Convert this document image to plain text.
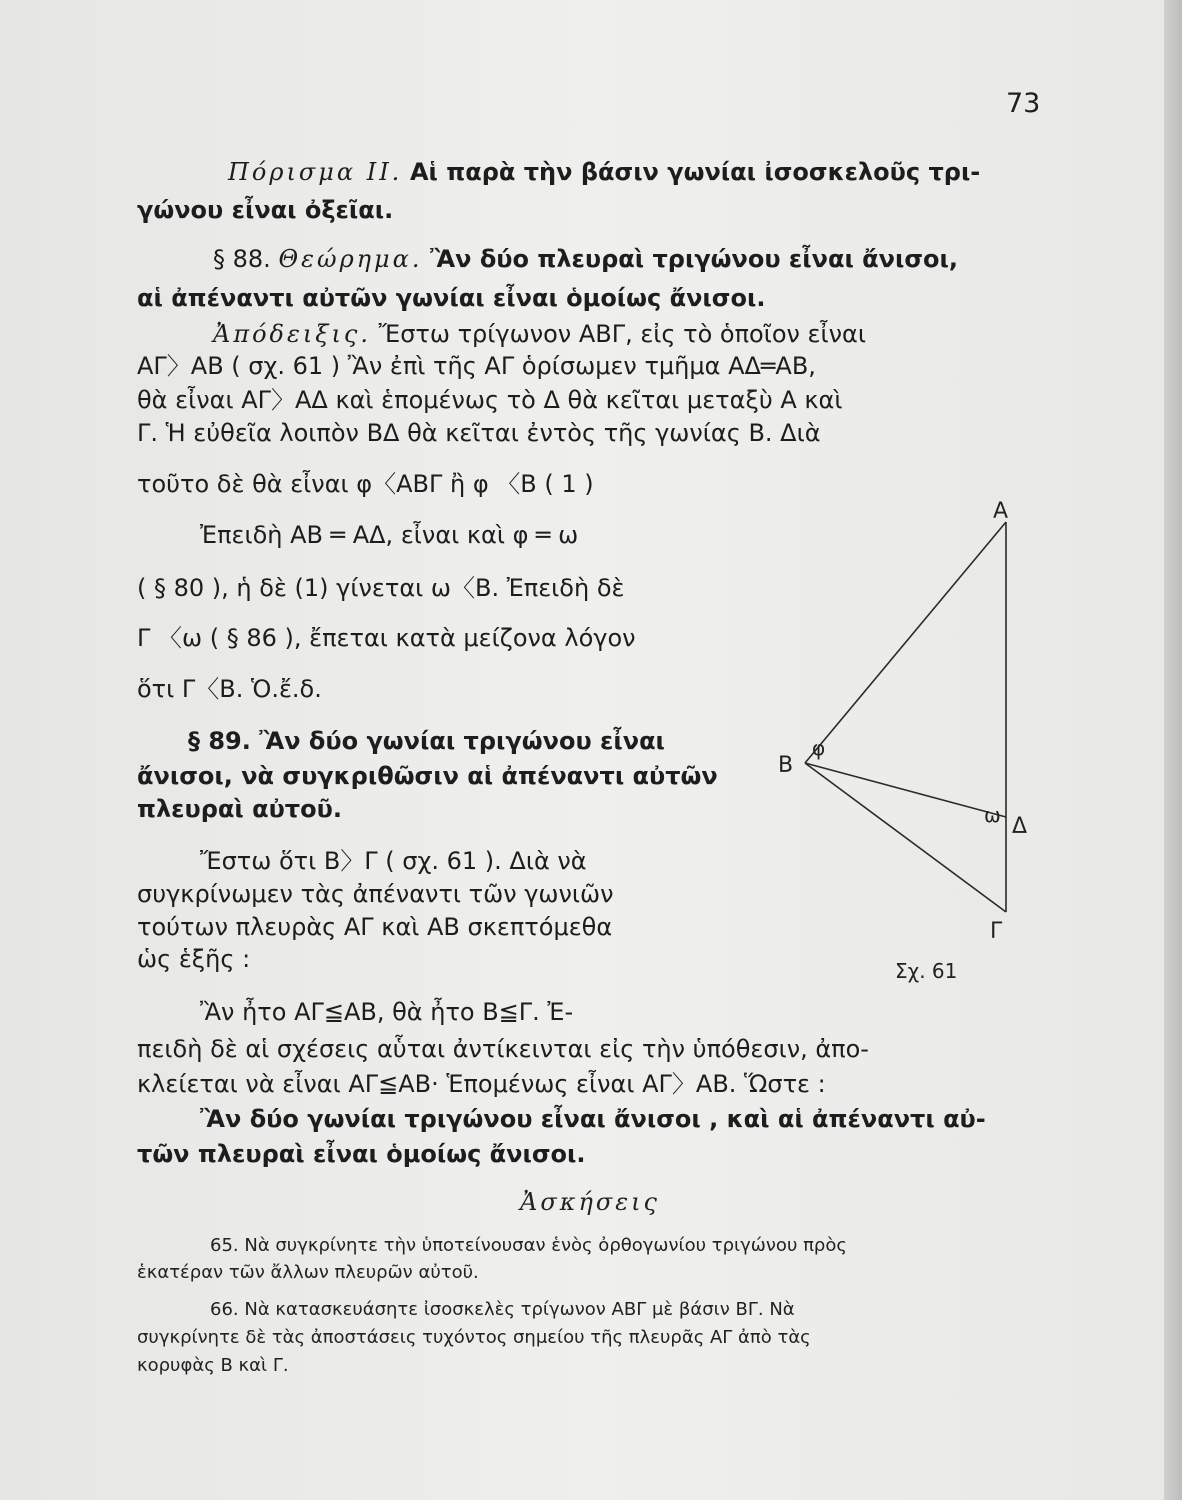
73
Πόρισμα ΙΙ. Αἱ παρὰ τὴν βάσιν γωνίαι ἰσοσκελοῦς τρι-
γώνου εἶναι ὀξεῖαι.
§ 88. Θεώρημα. Ἂν δύο πλευραὶ τριγώνου εἶναι ἄνισοι,
αἱ ἀπέναντι αὐτῶν γωνίαι εἶναι ὁμοίως ἄνισοι.
Ἀπόδειξις. Ἔστω τρίγωνον ΑΒΓ, εἰς τὸ ὁποῖον εἶναι
ΑΓ〉ΑΒ ( σχ. 61 ) Ἂν ἐπὶ τῆς ΑΓ ὁρίσωμεν τμῆμα ΑΔ═ΑΒ,
θὰ εἶναι ΑΓ〉ΑΔ καὶ ἑπομένως τὸ Δ θὰ κεῖται μεταξὺ Α καὶ
Γ. Ἡ εὐθεῖα λοιπὸν ΒΔ θὰ κεῖται ἐντὸς τῆς γωνίας Β. Διὰ
τοῦτο δὲ θὰ εἶναι φ〈ΑΒΓ ἢ φ 〈Β ( 1 )
Ἐπειδὴ ΑΒ ═ ΑΔ, εἶναι καὶ φ ═ ω
( § 80 ), ἡ δὲ (1) γίνεται ω〈Β. Ἐπειδὴ δὲ
Γ 〈ω ( § 86 ), ἔπεται κατὰ μείζονα λόγον
ὅτι Γ〈Β. Ὁ.ἔ.δ.
§ 89. Ἂν δύο γωνίαι τριγώνου εἶναι
ἄνισοι, νὰ συγκριθῶσιν αἱ ἀπέναντι αὐτῶν
πλευραὶ αὐτοῦ.
Ἔστω ὅτι Β〉Γ ( σχ. 61 ). Διὰ νὰ
συγκρίνωμεν τὰς ἀπέναντι τῶν γωνιῶν
τούτων πλευρὰς ΑΓ καὶ ΑΒ σκεπτόμεθα
ὡς ἑξῆς :
Ἂν ἦτο ΑΓ≦ΑΒ, θὰ ἦτο Β≦Γ. Ἐ-
πειδὴ δὲ αἱ σχέσεις αὗται ἀντίκεινται εἰς τὴν ὑπόθεσιν, ἀπο-
κλείεται νὰ εἶναι ΑΓ≦ΑΒ· Ἑπομένως εἶναι ΑΓ〉ΑΒ. Ὥστε :
Ἂν δύο γωνίαι τριγώνου εἶναι ἄνισοι , καὶ αἱ ἀπέναντι αὐ-
τῶν πλευραὶ εἶναι ὁμοίως ἄνισοι.
Ἀσκήσεις
65. Νὰ συγκρίνητε τὴν ὑποτείνουσαν ἑνὸς ὀρθογωνίου τριγώνου πρὸς
ἑκατέραν τῶν ἄλλων πλευρῶν αὐτοῦ.
66. Νὰ κατασκευάσητε ἰσοσκελὲς τρίγωνον ΑΒΓ μὲ βάσιν ΒΓ. Νὰ
συγκρίνητε δὲ τὰς ἀποστάσεις τυχόντος σημείου τῆς πλευρᾶς ΑΓ ἀπὸ τὰς
κορυφὰς Β καὶ Γ.
Α
Β
Γ
Δ
φ
ω
Σχ. 61
